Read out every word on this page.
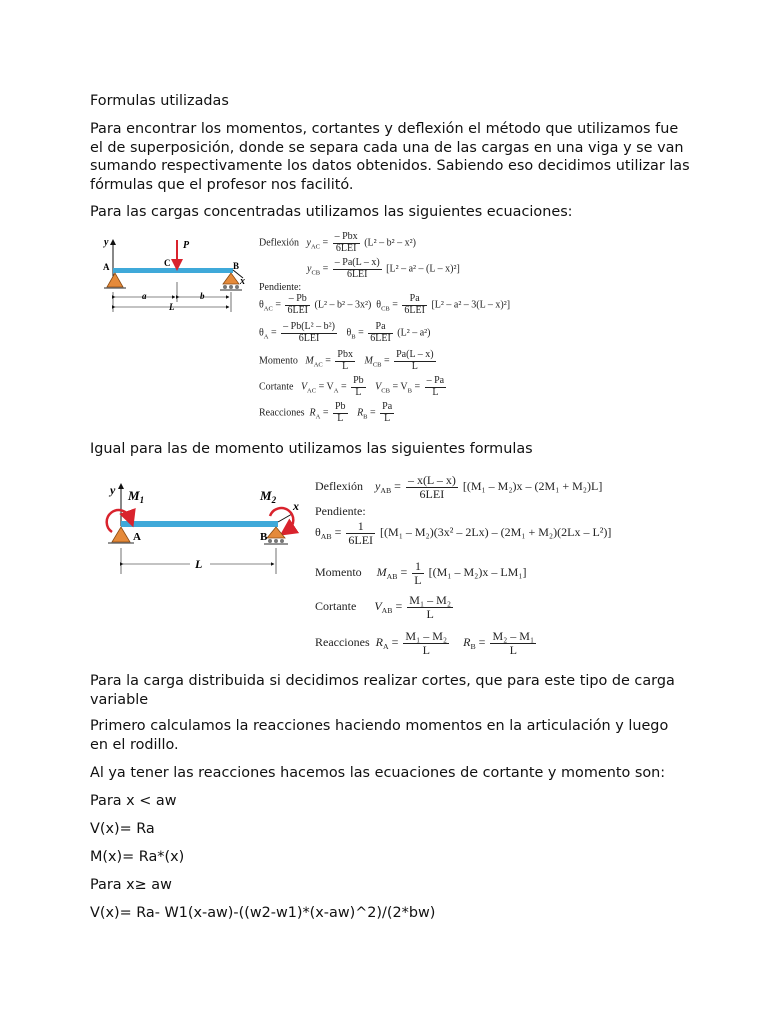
Formulas utilizadas

Para encontrar los momentos, cortantes y deflexión el método que utilizamos fue el de superposición, donde se separa cada una de las cargas en una viga y se van sumando respectivamente los datos obtenidos. Sabiendo eso decidimos utilizar las fórmulas que el profesor nos facilitó.

Para las cargas concentradas utilizamos las siguientes ecuaciones:

y
x
P
A	C	B
a	b
L
Deflexión $y_{AC} = \frac{\text{– Pbx}}{\text{6LEI}} (L^2 - b^2 - x^2)$
$y_{CB} = \frac{- Pa(L - x)}{\text{6LEI}} [L^2 - a^2 - (L - x)^2]$
Pendiente:
$\theta_{AC} = \frac{- Pb}{\text{6LEI}} (L^2 - b^2 - 3x^2) \theta_{CB} = \frac{Pa}{\text{6LEI}} [L^2 - a^2 - 3(L - x)^2]$
$\theta_A = \frac{\text{– Pb(L² – b²)}}{\text{6LEI}} \theta_B = \frac{Pa}{\text{6LEI}} (L^2 - a^2)$
Momento $M_{AC} = \frac{\text{Pbx}}{L} M_{CB} = \frac{Pa(L - x)}{L}$
Cortante $V_{AC} = V_A = \frac{Pb}{L} V_{CB} = V_B = \frac{- Pa}{L}$
Reacciones $R_A = \frac{Pb}{L} R_B = \frac{Pa}{L}$

Igual para las de momento utilizamos las siguientes formulas

y $M_1$	$M_2$ x
A	B
L
Deflexión $y_{AB} = \frac{- x(L - x)}{\text{6LEI}} [(M_1 - M_2)x - (2M_1 + M_2)L]$
Pendiente:
$\theta_{AB} = \frac{1}{\text{6LEI}} [(M_1 - M_2)(3x^2 - 2Lx) - (2M_1 + M_2)(2Lx - L^2)]$
Momento $M_{AB} = \frac{1}{L} [(M_1 - M_2)x - LM_1]$
Cortante $V_{AB} = \frac{\text{M₁ – M₂}}{L}$
Reacciones $R_A = \frac{\text{M₁ – M₂}}{L} R_B = \frac{\text{M₂ – M₁}}{L}$

Para la carga distribuida si decidimos realizar cortes, que para este tipo de carga variable

Primero calculamos la reacciones haciendo momentos en la articulación y luego en el rodillo.

Al ya tener las reacciones hacemos las ecuaciones de cortante y momento son:

Para x < aw

V(x)= Ra

M(x)= Ra*(x)

Para x≥ aw

V(x)= Ra- W1(x-aw)-((w2-w1)*(x-aw)^2)/(2*bw)
